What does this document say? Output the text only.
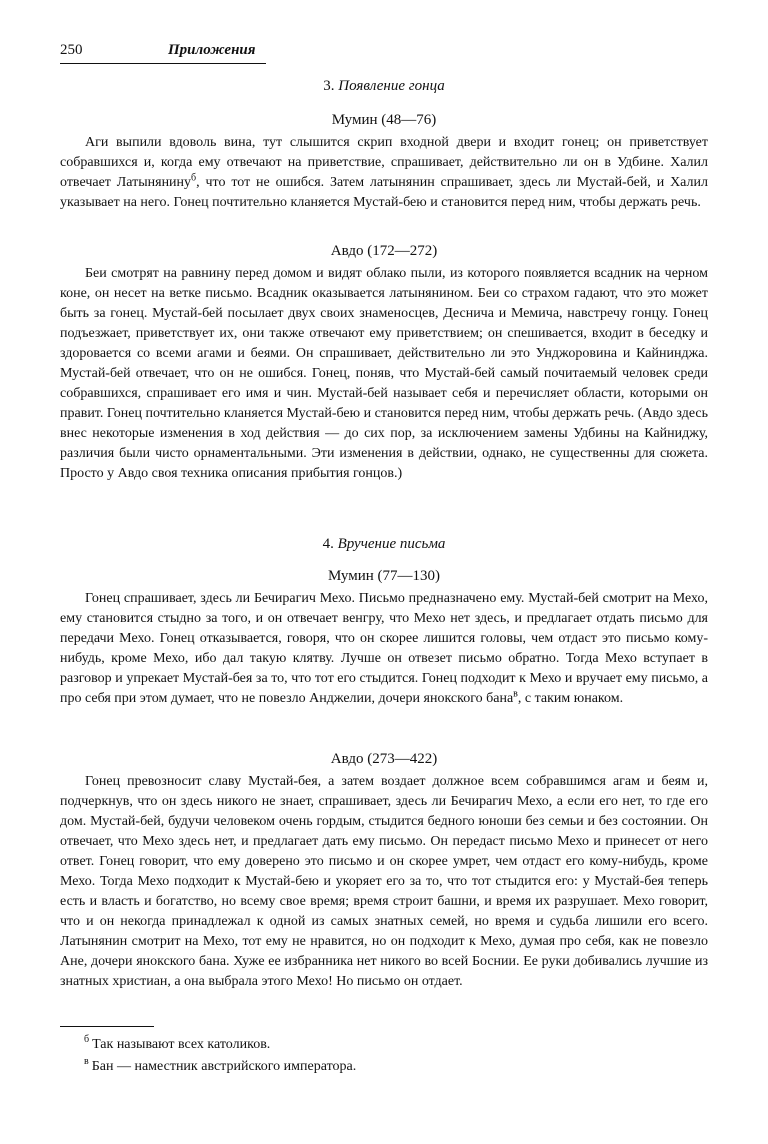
250	Приложения
3. Появление гонца
Мумин (48—76)

Аги выпили вдоволь вина, тут слышится скрип входной двери и входит гонец; он приветствует собравшихся и, когда ему отвечают на приветствие, спрашивает, действительно ли он в Удбине. Халил отвечает Латынянину$^б$, что тот не ошибся. Затем латынянин спрашивает, здесь ли Мустай-бей, и Халил указывает на него. Гонец почтительно кланяется Мустай-бею и становится перед ним, чтобы держать речь.

Авдо (172—272)

Беи смотрят на равнину перед домом и видят облако пыли, из которого появляется всадник на черном коне, он несет на ветке письмо. Всадник оказывается латынянином. Беи со страхом гадают, что это может быть за гонец. Мустай-бей посылает двух своих знаменосцев, Деснича и Мемича, навстречу гонцу. Гонец подъезжает, приветствует их, они также отвечают ему приветствием; он спешивается, входит в беседку и здоровается со всеми агами и беями. Он спрашивает, действительно ли это Унджоровина и Кайнинджа. Мустай-бей отвечает, что он не ошибся. Гонец, поняв, что Мустай-бей самый почитаемый человек среди собравшихся, спрашивает его имя и чин. Мустай-бей называет себя и перечисляет области, которыми он правит. Гонец почтительно кланяется Мустай-бею и становится перед ним, чтобы держать речь. (Авдо здесь внес некоторые изменения в ход действия — до сих пор, за исключением замены Удбины на Кайниджу, различия были чисто орнаментальными. Эти изменения в действии, однако, не существенны для сюжета. Просто у Авдо своя техника описания прибытия гонцов.)

4. Вручение письма
Мумин (77—130)

Гонец спрашивает, здесь ли Бечирагич Мехо. Письмо предназначено ему. Мустай-бей смотрит на Мехо, ему становится стыдно за того, и он отвечает венгру, что Мехо нет здесь, и предлагает отдать письмо для передачи Мехо. Гонец отказывается, говоря, что он скорее лишится головы, чем отдаст это письмо кому-нибудь, кроме Мехо, ибо дал такую клятву. Лучше он отвезет письмо обратно. Тогда Мехо вступает в разговор и упрекает Мустай-бея за то, что тот его стыдится. Гонец подходит к Мехо и вручает ему письмо, а про себя при этом думает, что не повезло Анджелии, дочери янокского бана$^в$, с таким юнаком.

Авдо (273—422)

Гонец превозносит славу Мустай-бея, а затем воздает должное всем собравшимся агам и беям и, подчеркнув, что он здесь никого не знает, спрашивает, здесь ли Бечирагич Мехо, а если его нет, то где его дом. Мустай-бей, будучи человеком очень гордым, стыдится бедного юноши без семьи и без состоянии. Он отвечает, что Мехо здесь нет, и предлагает дать ему письмо. Он передаст письмо Мехо и принесет от него ответ. Гонец говорит, что ему доверено это письмо и он скорее умрет, чем отдаст его кому-нибудь, кроме Мехо. Тогда Мехо подходит к Мустай-бею и укоряет его за то, что тот стыдится его: у Мустай-бея теперь есть и власть и богатство, но всему свое время; время строит башни, и время их разрушает. Мехо говорит, что и он некогда принадлежал к одной из самых знатных семей, но время и судьба лишили его всего. Латынянин смотрит на Мехо, тот ему не нравится, но он подходит к Мехо, думая про себя, как не повезло Ане, дочери янокского бана. Хуже ее избранника нет никого во всей Боснии. Ее руки добивались лучшие из знатных христиан, а она выбрала этого Мехо! Но письмо он отдает.

$^б$ Так называют всех католиков.
$^в$ Бан — наместник австрийского императора.
